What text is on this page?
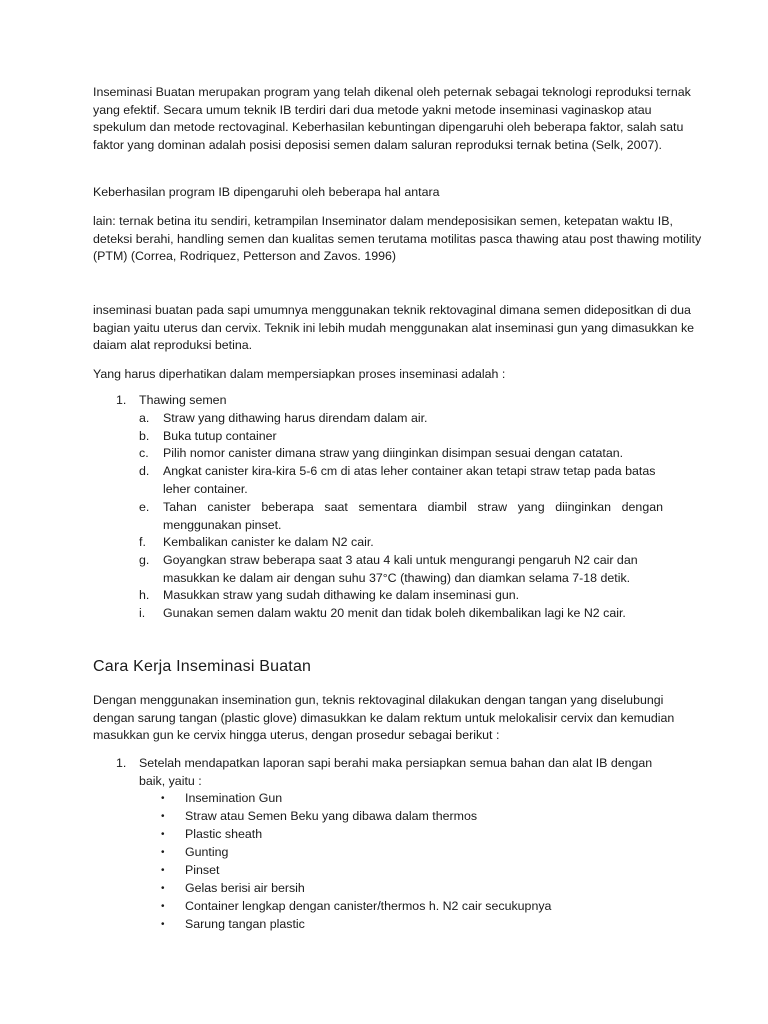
Inseminasi Buatan merupakan program yang telah dikenal oleh peternak sebagai teknologi reproduksi ternak yang efektif. Secara umum teknik IB terdiri dari dua metode yakni metode inseminasi vaginaskop atau spekulum dan metode rectovaginal. Keberhasilan kebuntingan dipengaruhi oleh beberapa faktor, salah satu faktor yang dominan adalah posisi deposisi semen dalam saluran reproduksi ternak betina (Selk, 2007).

Keberhasilan program IB dipengaruhi oleh beberapa hal antara

lain: ternak betina itu sendiri, ketrampilan Inseminator dalam mendeposisikan semen, ketepatan waktu IB, deteksi berahi, handling semen dan kualitas semen terutama motilitas pasca thawing atau post thawing motility (PTM) (Correa, Rodriquez, Petterson and Zavos. 1996)

inseminasi buatan pada sapi umumnya menggunakan teknik rektovaginal dimana semen didepositkan di dua bagian yaitu uterus dan cervix. Teknik ini lebih mudah menggunakan alat inseminasi gun yang dimasukkan ke daiam alat reproduksi betina.

Yang harus diperhatikan dalam mempersiapkan proses inseminasi adalah :

1. Thawing semen
a. Straw yang dithawing harus direndam dalam air.
b. Buka tutup container
c. Pilih nomor canister dimana straw yang diinginkan disimpan sesuai dengan catatan.
d. Angkat canister kira-kira 5-6 cm di atas leher container akan tetapi straw tetap pada batas leher container.
e. Tahan canister beberapa saat sementara diambil straw yang diinginkan dengan menggunakan pinset.
f. Kembalikan canister ke dalam N2 cair.
g. Goyangkan straw beberapa saat 3 atau 4 kali untuk mengurangi pengaruh N2 cair dan masukkan ke dalam air dengan suhu 37°C (thawing) dan diamkan selama 7-18 detik.
h. Masukkan straw yang sudah dithawing ke dalam inseminasi gun.
i. Gunakan semen dalam waktu 20 menit dan tidak boleh dikembalikan lagi ke N2 cair.
Cara Kerja Inseminasi Buatan

Dengan menggunakan insemination gun, teknis rektovaginal dilakukan dengan tangan yang diselubungi dengan sarung tangan (plastic glove) dimasukkan ke dalam rektum untuk melokalisir cervix dan kemudian masukkan gun ke cervix hingga uterus, dengan prosedur sebagai berikut :

1. Setelah mendapatkan laporan sapi berahi maka persiapkan semua bahan dan alat IB dengan baik, yaitu :
• Insemination Gun
• Straw atau Semen Beku yang dibawa dalam thermos
• Plastic sheath
• Gunting
• Pinset
• Gelas berisi air bersih
• Container lengkap dengan canister/thermos h. N2 cair secukupnya
• Sarung tangan plastic
